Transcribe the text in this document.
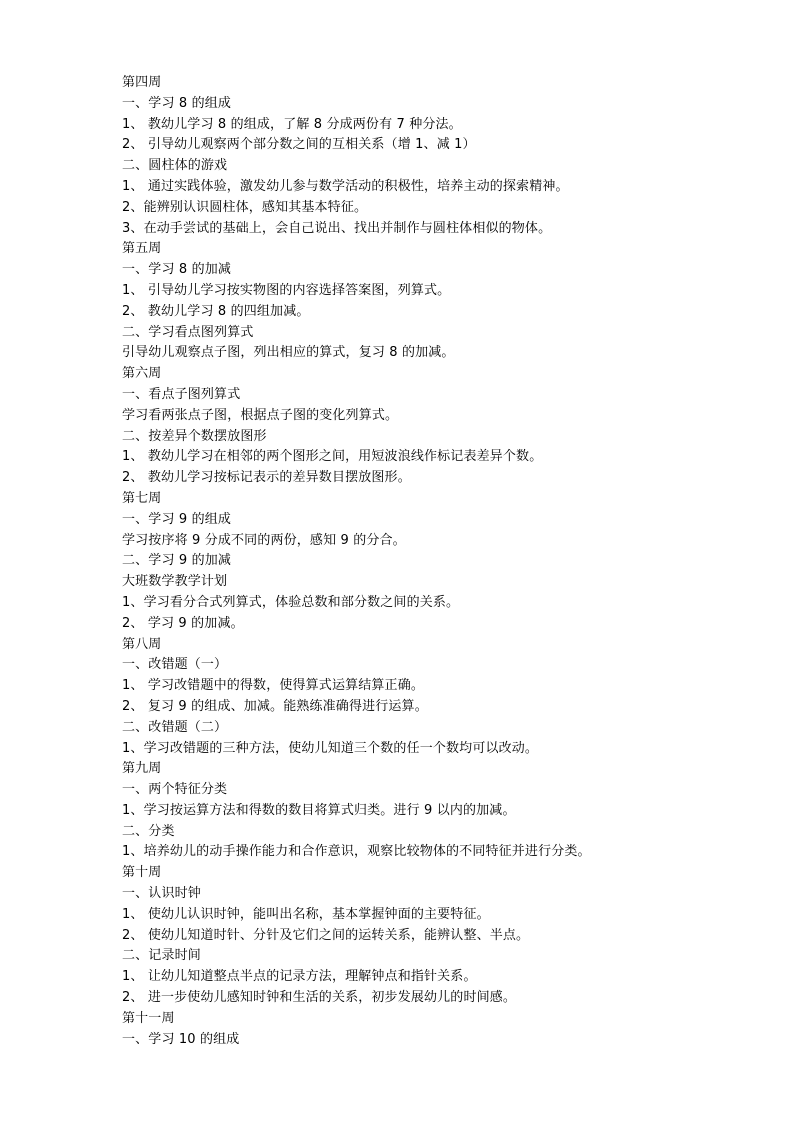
第四周
一、学习 8 的组成
1、 教幼儿学习 8 的组成，了解 8 分成两份有 7 种分法。
2、 引导幼儿观察两个部分数之间的互相关系（增 1、减 1）
二、圆柱体的游戏
1、 通过实践体验，激发幼儿参与数学活动的积极性，培养主动的探索精神。
2、能辨别认识圆柱体，感知其基本特征。
3、在动手尝试的基础上，会自己说出、找出并制作与圆柱体相似的物体。
第五周
一、学习 8 的加减
1、 引导幼儿学习按实物图的内容选择答案图，列算式。
2、 教幼儿学习 8 的四组加减。
二、学习看点图列算式
引导幼儿观察点子图，列出相应的算式，复习 8 的加减。
第六周
一、看点子图列算式
学习看两张点子图，根据点子图的变化列算式。
二、按差异个数摆放图形
1、 教幼儿学习在相邻的两个图形之间，用短波浪线作标记表差异个数。
2、 教幼儿学习按标记表示的差异数目摆放图形。
第七周
一、学习 9 的组成
学习按序将 9 分成不同的两份，感知 9 的分合。
二、学习 9 的加减
大班数学教学计划
1、学习看分合式列算式，体验总数和部分数之间的关系。
2、 学习 9 的加减。
第八周
一、改错题（一）
1、 学习改错题中的得数，使得算式运算结算正确。
2、 复习 9 的组成、加减。能熟练准确得进行运算。
二、改错题（二）
1、学习改错题的三种方法，使幼儿知道三个数的任一个数均可以改动。
第九周
一、两个特征分类
1、学习按运算方法和得数的数目将算式归类。进行 9 以内的加减。
二、分类
1、培养幼儿的动手操作能力和合作意识，观察比较物体的不同特征并进行分类。
第十周
一、认识时钟
1、 使幼儿认识时钟，能叫出名称，基本掌握钟面的主要特征。
2、 使幼儿知道时针、分针及它们之间的运转关系，能辨认整、半点。
二、记录时间
1、 让幼儿知道整点半点的记录方法，理解钟点和指针关系。
2、 进一步使幼儿感知时钟和生活的关系，初步发展幼儿的时间感。
第十一周
一、学习 10 的组成
